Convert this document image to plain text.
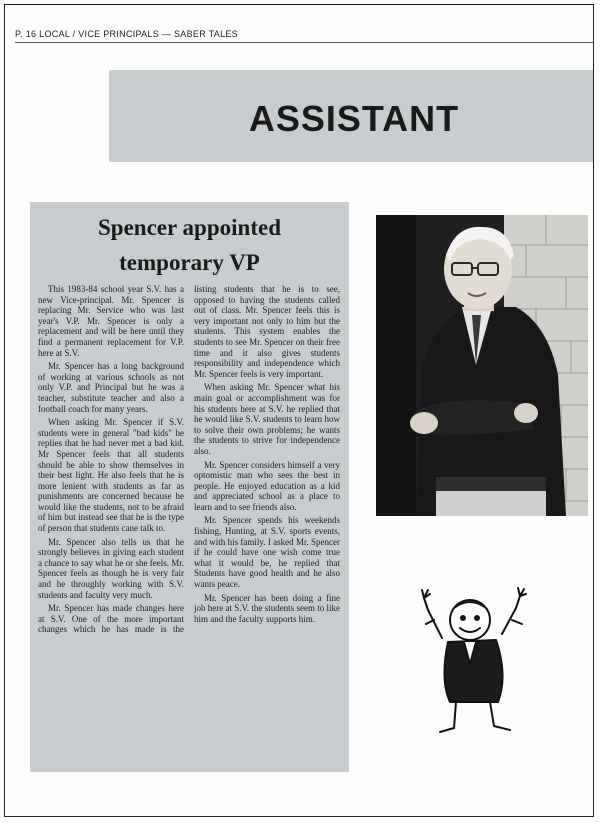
P. 16 LOCAL / VICE PRINCIPALS — SABER TALES
ASSISTANT
Spencer appointed
temporary VP

This 1983-84 school year S.V. has a new Vice-principal. Mr. Spencer is replacing Mr. Service who was last year's V.P. Mr. Spencer is only a replacement and will be here until they find a permanent replacement for V.P. here at S.V.

Mr. Spencer has a long background of working at various schools as not only V.P. and Principal but he was a teacher, substitute teacher and also a football coach for many years.

When asking Mr. Spencer if S.V. students were in general "bad kids" he replies that he had never met a bad kid. Mr Spencer feels that all students should be able to show themselves in their best light. He also feels that he is more lenient with students as far as punishments are concerned because he would like the students, not to be afraid of him but instead see that he is the type of person that students cane talk to.

Mr. Spencer also tells us that he strongly believes in giving each student a chance to say what he or she feels. Mr. Spencer feels as though he is very fair and he throughly working with S.V. students and faculty very much.

Mr. Spencer has made changes here at S.V. One of the more important changes which he has made is the listing students that he is to see, opposed to having the students called out of class. Mr. Spencer feels this is very important not only to him but the students. This system enables the students to see Mr. Spencer on their free time and it also gives students responsibility and independence which Mr. Spencer feels is very important.

When asking Mr. Spencer what his main goal or accomplishment was for his students here at S.V. he replied that he would like S.V. students to learn how to solve their own problems; he wants the students to strive for independence also.

Mr. Spencer considers himself a very optomistic man who sees the best in people. He enjoyed education as a kid and appreciated school as a place to learn and to see friends also.

Mr. Spencer spends his weekends fishing, Hunting, at S.V. sports events, and with his family. I asked Mr. Spencer if he could have one wish come true what it would be, he replied that Students have good health and he also wants peace.

Mr. Spencer has been doing a fine job here at S.V. the students seem to like him and the faculty supports him.
